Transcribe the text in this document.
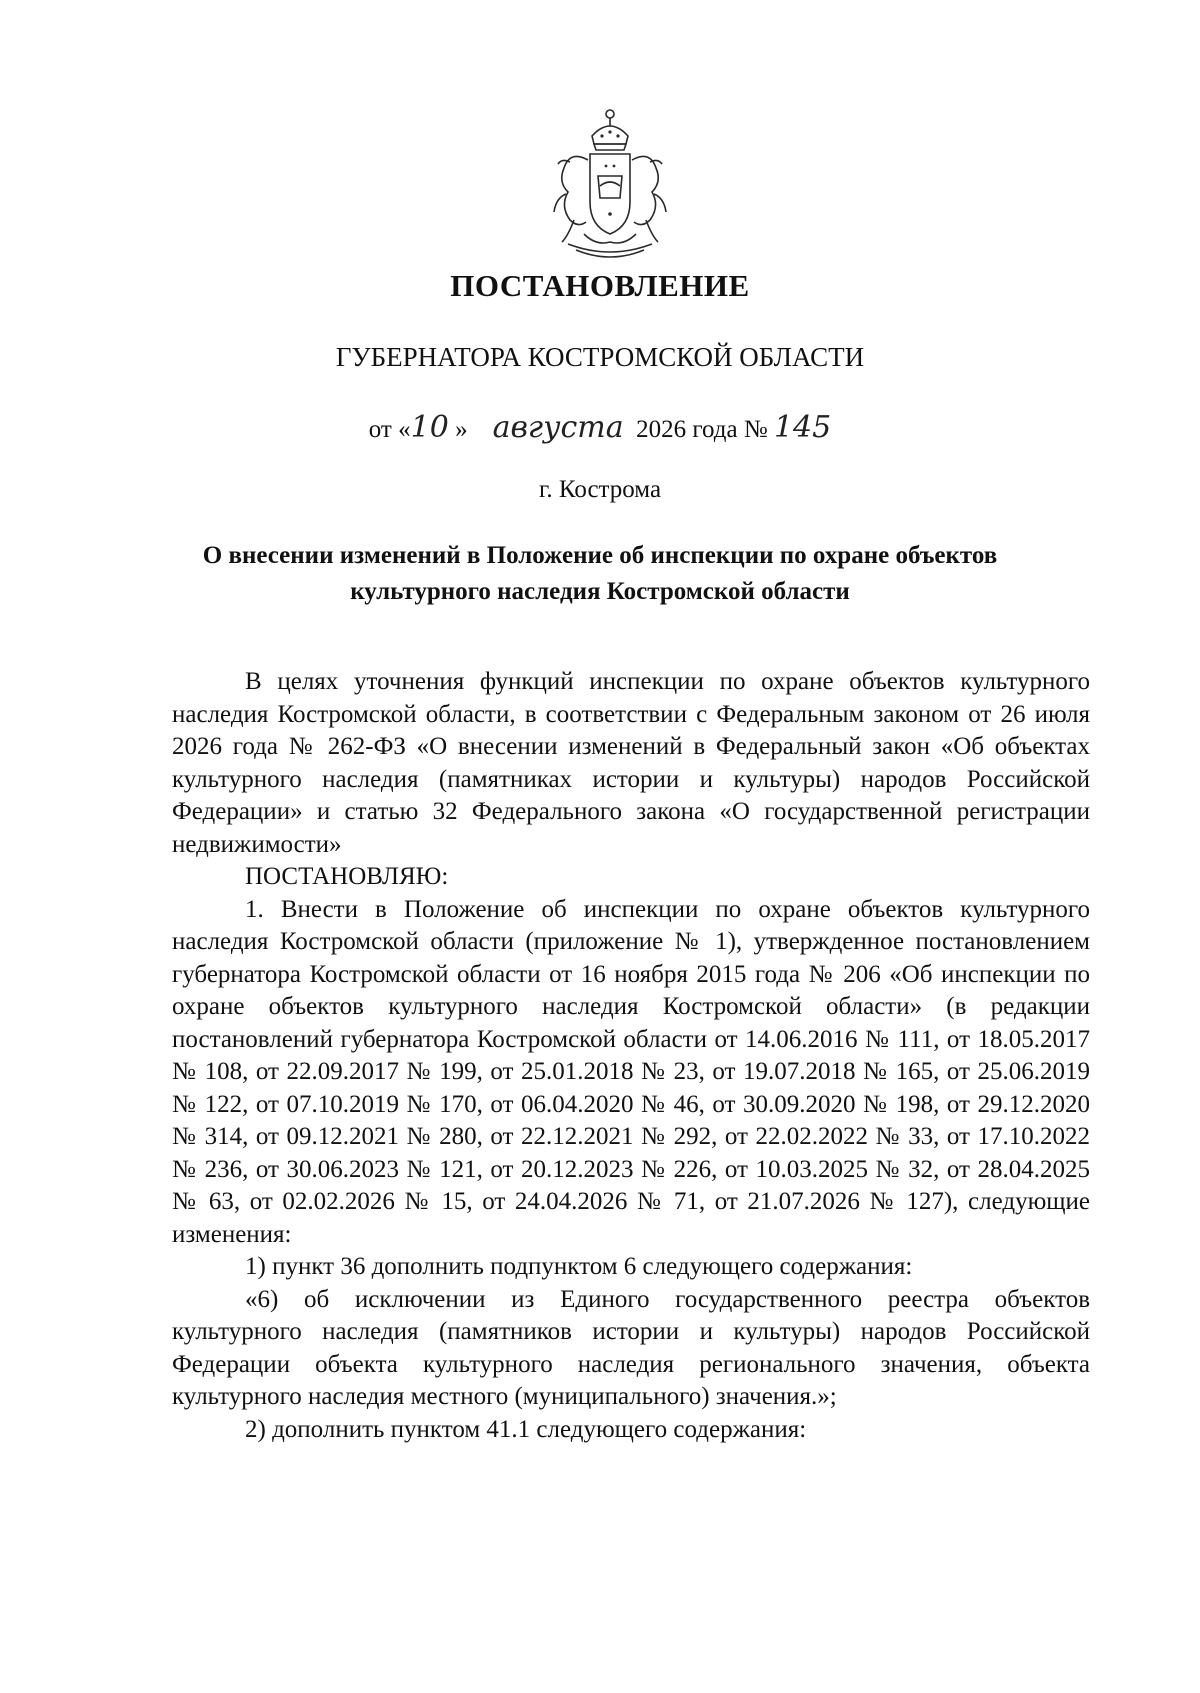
ПОСТАНОВЛЕНИЕ
ГУБЕРНАТОРА КОСТРОМСКОЙ ОБЛАСТИ
от «10 » августа 2026 года № 145
г. Кострома
О внесении изменений в Положение об инспекции по охране объектов
культурного наследия Костромской области

В целях уточнения функций инспекции по охране объектов культурного наследия Костромской области, в соответствии с Федеральным законом от 26 июля 2026 года № 262-ФЗ «О внесении изменений в Федеральный закон «Об объектах культурного наследия (памятниках истории и культуры) народов Российской Федерации» и статью 32 Федерального закона «О государственной регистрации недвижимости»

ПОСТАНОВЛЯЮ:

1. Внести в Положение об инспекции по охране объектов культурного наследия Костромской области (приложение № 1), утвержденное постановлением губернатора Костромской области от 16 ноября 2015 года № 206 «Об инспекции по охране объектов культурного наследия Костромской области» (в редакции постановлений губернатора Костромской области от 14.06.2016 № 111, от 18.05.2017 № 108, от 22.09.2017 № 199, от 25.01.2018 № 23, от 19.07.2018 № 165, от 25.06.2019 № 122, от 07.10.2019 № 170, от 06.04.2020 № 46, от 30.09.2020 № 198, от 29.12.2020 № 314, от 09.12.2021 № 280, от 22.12.2021 № 292, от 22.02.2022 № 33, от 17.10.2022 № 236, от 30.06.2023 № 121, от 20.12.2023 № 226, от 10.03.2025 № 32, от 28.04.2025 № 63, от 02.02.2026 № 15, от 24.04.2026 № 71, от 21.07.2026 № 127), следующие изменения:

1) пункт 36 дополнить подпунктом 6 следующего содержания:

«6) об исключении из Единого государственного реестра объектов культурного наследия (памятников истории и культуры) народов Российской Федерации объекта культурного наследия регионального значения, объекта культурного наследия местного (муниципального) значения.»;

2) дополнить пунктом 41.1 следующего содержания:
